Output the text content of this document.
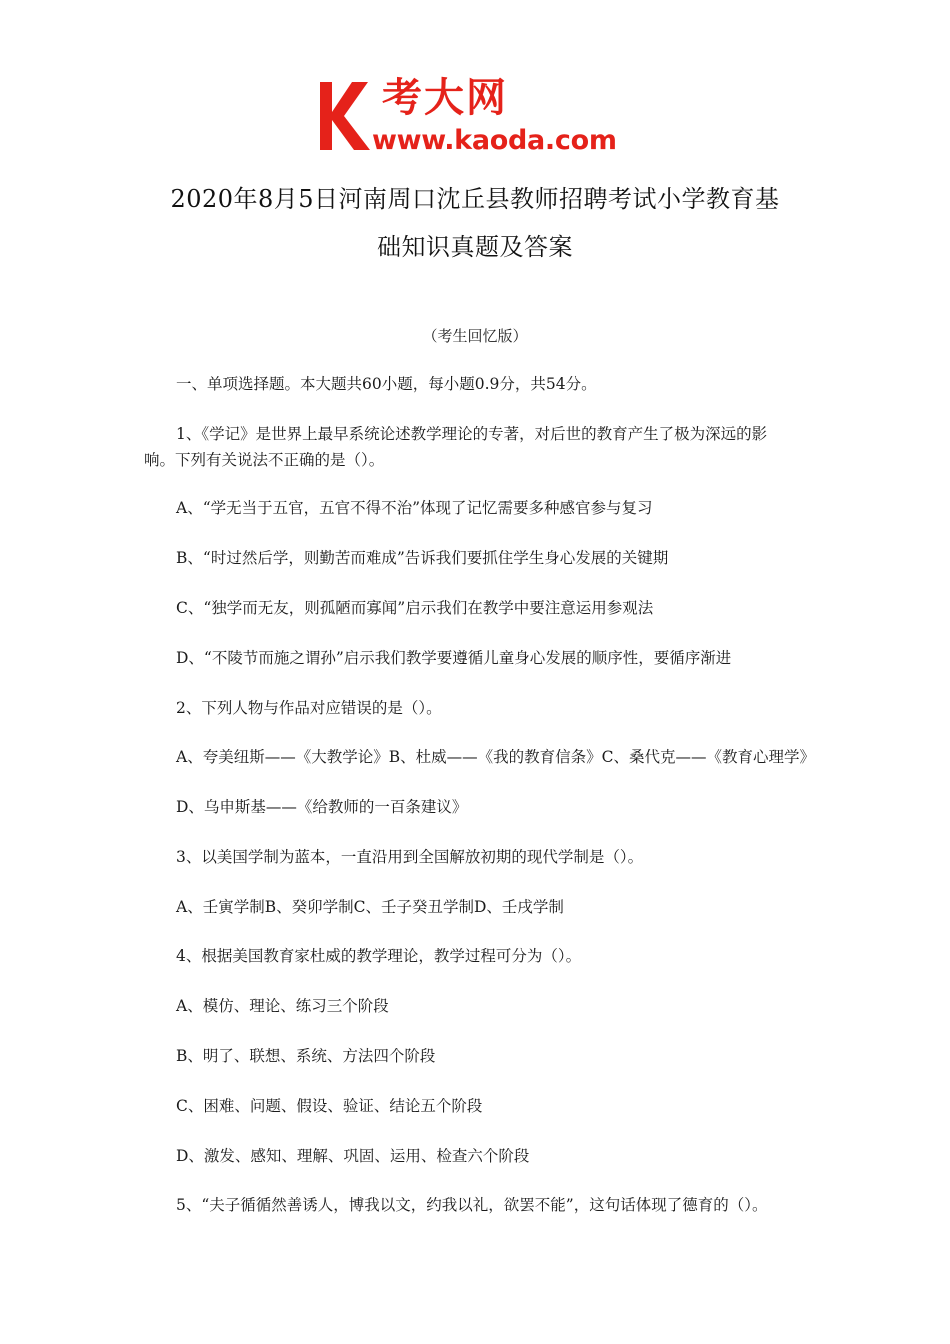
考大网
www.kaoda.com
2020年8月5日河南周口沈丘县教师招聘考试小学教育基
础知识真题及答案
（考生回忆版）
一、单项选择题。本大题共60小题，每小题0.9分，共54分。
1、《学记》是世界上最早系统论述教学理论的专著，对后世的教育产生了极为深远的影
响。下列有关说法不正确的是（）。
A、“学无当于五官，五官不得不治”体现了记忆需要多种感官参与复习
B、“时过然后学，则勤苦而难成”告诉我们要抓住学生身心发展的关键期
C、“独学而无友，则孤陋而寡闻”启示我们在教学中要注意运用参观法
D、“不陵节而施之谓孙”启示我们教学要遵循儿童身心发展的顺序性，要循序渐进
2、下列人物与作品对应错误的是（）。
A、夸美纽斯——《大教学论》B、杜威——《我的教育信条》C、桑代克——《教育心理学》
D、乌申斯基——《给教师的一百条建议》
3、以美国学制为蓝本，一直沿用到全国解放初期的现代学制是（）。
A、壬寅学制B、癸卯学制C、壬子癸丑学制D、壬戌学制
4、根据美国教育家杜威的教学理论，教学过程可分为（）。
A、模仿、理论、练习三个阶段
B、明了、联想、系统、方法四个阶段
C、困难、问题、假设、验证、结论五个阶段
D、激发、感知、理解、巩固、运用、检查六个阶段
5、“夫子循循然善诱人，博我以文，约我以礼，欲罢不能”，这句话体现了德育的（）。
